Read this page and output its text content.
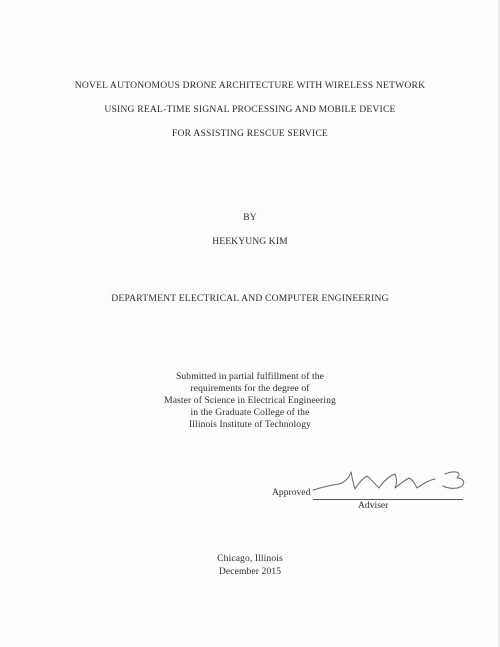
NOVEL AUTONOMOUS DRONE ARCHITECTURE WITH WIRELESS NETWORK
USING REAL-TIME SIGNAL PROCESSING AND MOBILE DEVICE
FOR ASSISTING RESCUE SERVICE
BY
HEEKYUNG KIM
DEPARTMENT ELECTRICAL AND COMPUTER ENGINEERING
Submitted in partial fulfillment of the
requirements for the degree of
Master of Science in Electrical Engineering
in the Graduate College of the
Illinois Institute of Technology
Approved
Adviser
Chicago, Illinois
December 2015
